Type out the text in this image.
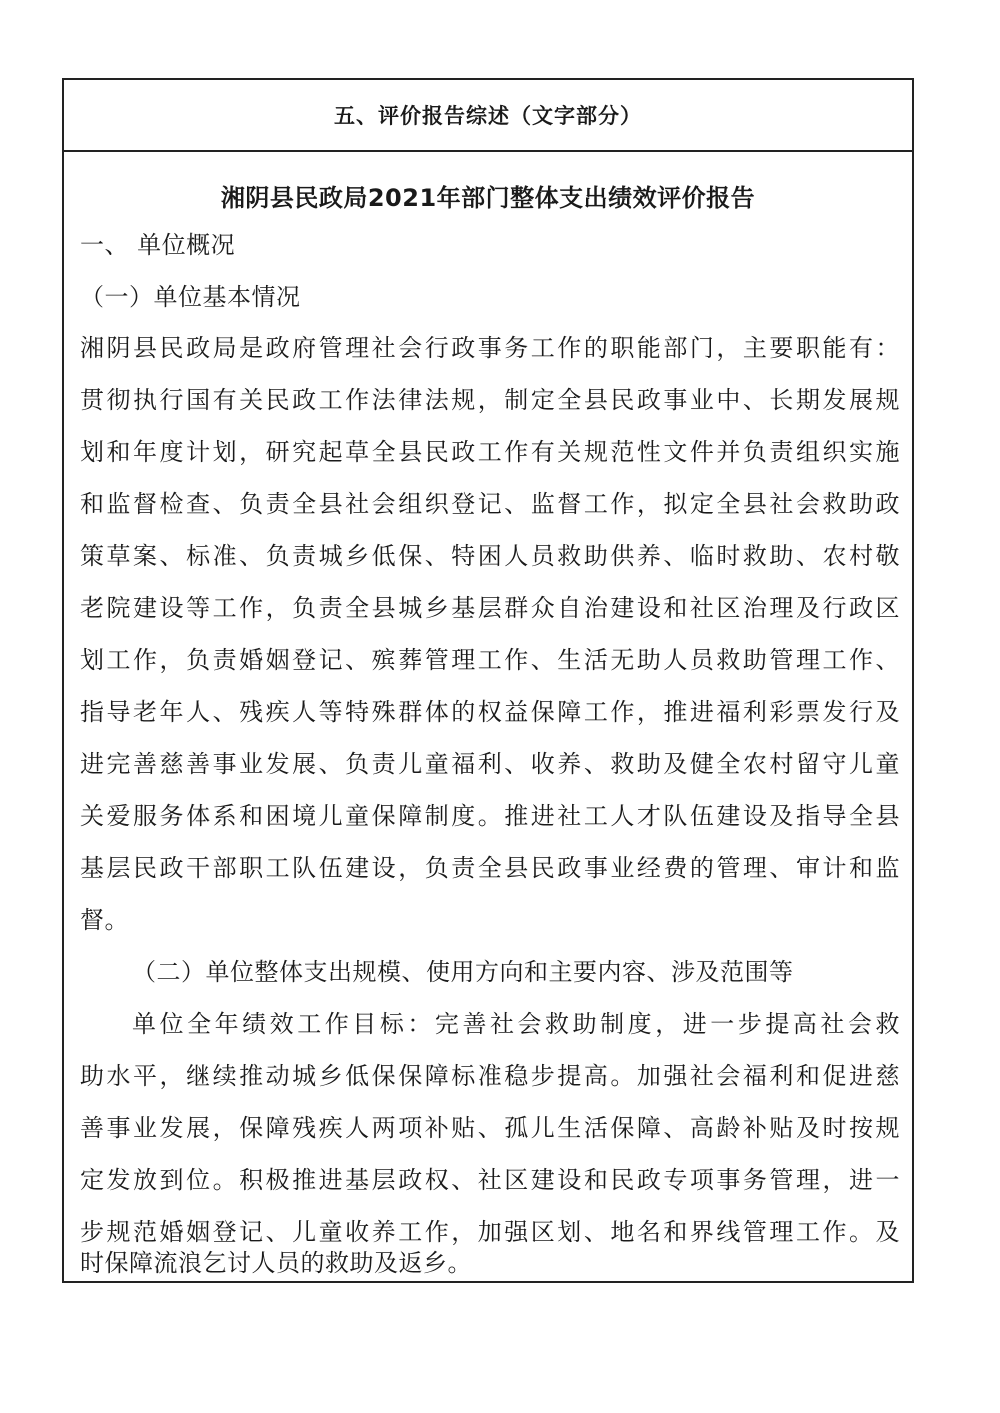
五、评价报告综述（文字部分）
湘阴县民政局2021年部门整体支出绩效评价报告
一、 单位概况
（一）单位基本情况
湘阴县民政局是政府管理社会行政事务工作的职能部门，主要职能有：
贯彻执行国有关民政工作法律法规，制定全县民政事业中、长期发展规
划和年度计划，研究起草全县民政工作有关规范性文件并负责组织实施
和监督检查、负责全县社会组织登记、监督工作，拟定全县社会救助政
策草案、标准、负责城乡低保、特困人员救助供养、临时救助、农村敬
老院建设等工作，负责全县城乡基层群众自治建设和社区治理及行政区
划工作，负责婚姻登记、殡葬管理工作、生活无助人员救助管理工作、
指导老年人、残疾人等特殊群体的权益保障工作，推进福利彩票发行及
进完善慈善事业发展、负责儿童福利、收养、救助及健全农村留守儿童
关爱服务体系和困境儿童保障制度。推进社工人才队伍建设及指导全县
基层民政干部职工队伍建设，负责全县民政事业经费的管理、审计和监
督。
（二）单位整体支出规模、使用方向和主要内容、涉及范围等
单位全年绩效工作目标：完善社会救助制度，进一步提高社会救
助水平，继续推动城乡低保保障标准稳步提高。加强社会福利和促进慈
善事业发展，保障残疾人两项补贴、孤儿生活保障、高龄补贴及时按规
定发放到位。积极推进基层政权、社区建设和民政专项事务管理，进一
步规范婚姻登记、儿童收养工作，加强区划、地名和界线管理工作。及
时保障流浪乞讨人员的救助及返乡。
